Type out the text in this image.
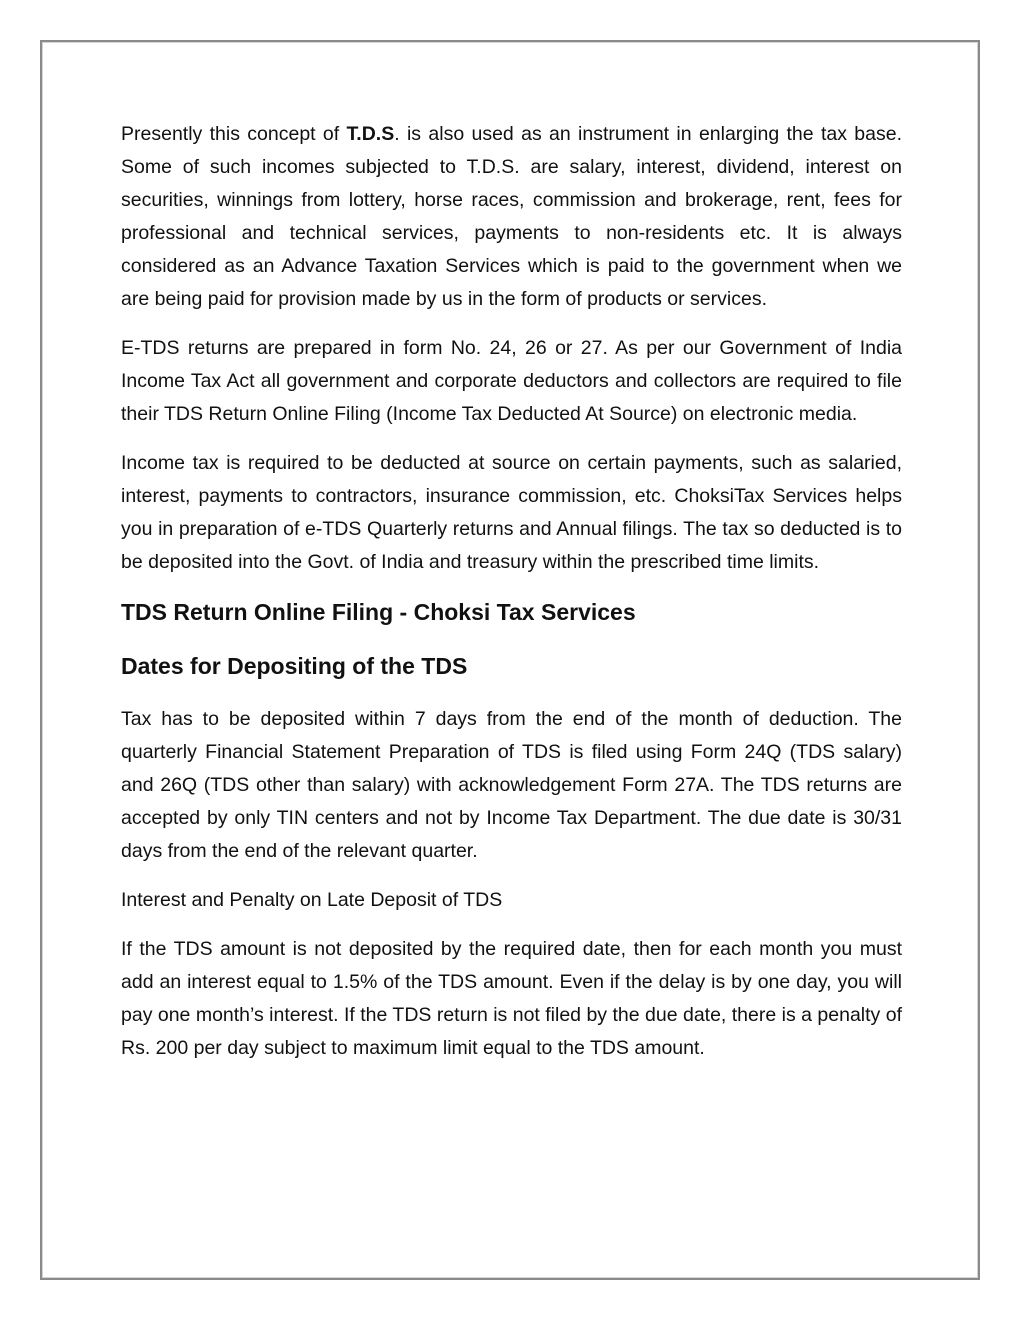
Presently this concept of T.D.S. is also used as an instrument in enlarging the tax base. Some of such incomes subjected to T.D.S. are salary, interest, dividend, interest on securities, winnings from lottery, horse races, commission and brokerage, rent, fees for professional and technical services, payments to non-residents etc. It is always considered as an Advance Taxation Services which is paid to the government when we are being paid for provision made by us in the form of products or services.

E-TDS returns are prepared in form No. 24, 26 or 27. As per our Government of India Income Tax Act all government and corporate deductors and collectors are required to file their TDS Return Online Filing (Income Tax Deducted At Source) on electronic media.

Income tax is required to be deducted at source on certain payments, such as salaried, interest, payments to contractors, insurance commission, etc. ChoksiTax Services helps you in preparation of e-TDS Quarterly returns and Annual filings. The tax so deducted is to be deposited into the Govt. of India and treasury within the prescribed time limits.

TDS Return Online Filing - Choksi Tax Services
Dates for Depositing of the TDS

Tax has to be deposited within 7 days from the end of the month of deduction. The quarterly Financial Statement Preparation of TDS is filed using Form 24Q (TDS salary) and 26Q (TDS other than salary) with acknowledgement Form 27A. The TDS returns are accepted by only TIN centers and not by Income Tax Department. The due date is 30/31 days from the end of the relevant quarter.

Interest and Penalty on Late Deposit of TDS

If the TDS amount is not deposited by the required date, then for each month you must add an interest equal to 1.5% of the TDS amount. Even if the delay is by one day, you will pay one month’s interest. If the TDS return is not filed by the due date, there is a penalty of Rs. 200 per day subject to maximum limit equal to the TDS amount.
